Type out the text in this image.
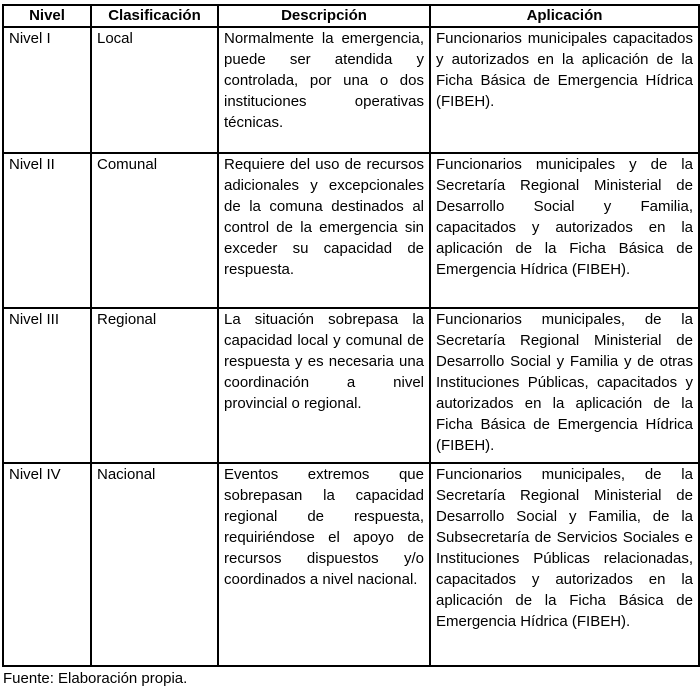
Nivel	Clasificación	Descripción	Aplicación
Nivel I	Local	Normalmente la emergencia, puede ser atendida y controlada, por una o dos instituciones operativas técnicas.	Funcionarios municipales capacitados y autorizados en la aplicación de la Ficha Básica de Emergencia Hídrica (FIBEH).
Nivel II	Comunal	Requiere del uso de recursos adicionales y excepcionales de la comuna destinados al control de la emergencia sin exceder su capacidad de respuesta.	Funcionarios municipales y de la Secretaría Regional Ministerial de Desarrollo Social y Familia, capacitados y autorizados en la aplicación de la Ficha Básica de Emergencia Hídrica (FIBEH).
Nivel III	Regional	La situación sobrepasa la capacidad local y comunal de respuesta y es necesaria una coordinación a nivel provincial o regional.	Funcionarios municipales, de la Secretaría Regional Ministerial de Desarrollo Social y Familia y de otras Instituciones Públicas, capacitados y autorizados en la aplicación de la Ficha Básica de Emergencia Hídrica (FIBEH).
Nivel IV	Nacional	Eventos extremos que sobrepasan la capacidad regional de respuesta, requiriéndose el apoyo de recursos dispuestos y/o coordinados a nivel nacional.	Funcionarios municipales, de la Secretaría Regional Ministerial de Desarrollo Social y Familia, de la Subsecretaría de Servicios Sociales e Instituciones Públicas relacionadas, capacitados y autorizados en la aplicación de la Ficha Básica de Emergencia Hídrica (FIBEH).
Fuente: Elaboración propia.
